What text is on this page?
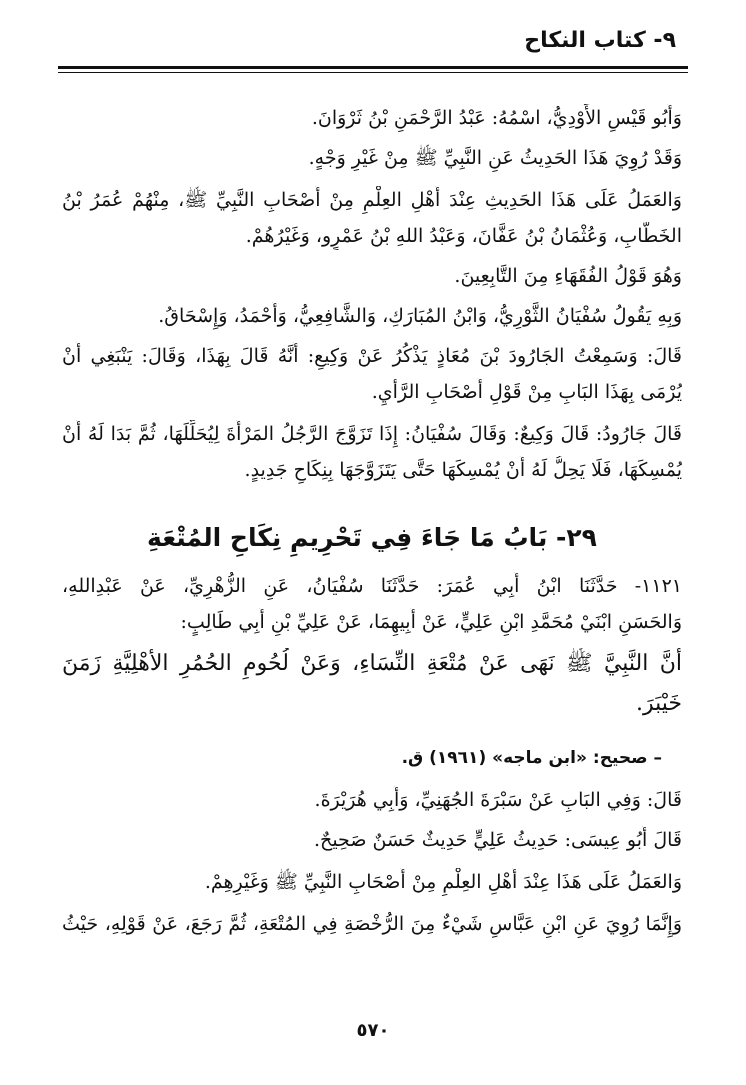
٩- كتاب النكاح
وَأَبُو قَيْسٍ الأَوْدِيُّ، اسْمُهُ: عَبْدُ الرَّحْمَنِ بْنُ ثَرْوَانَ.
وَقَدْ رُوِيَ هَذَا الحَدِيثُ عَنِ النَّبِيِّ ﷺ مِنْ غَيْرِ وَجْهٍ.
وَالعَمَلُ عَلَى هَذَا الحَدِيثِ عِنْدَ أَهْلِ العِلْمِ مِنْ أَصْحَابِ النَّبِيِّ ﷺ، مِنْهُمْ عُمَرُ بْنُ
الخَطَّابِ، وَعُثْمَانُ بْنُ عَفَّانَ، وَعَبْدُ اللهِ بْنُ عَمْرٍو، وَغَيْرُهُمْ.
وَهُوَ قَوْلُ الفُقَهَاءِ مِنَ التَّابِعِينَ.
وَبِهِ يَقُولُ سُفْيَانُ الثَّوْرِيُّ، وَابْنُ المُبَارَكِ، وَالشَّافِعِيُّ، وَأَحْمَدُ، وَإِسْحَاقُ.
قَالَ: وَسَمِعْتُ الجَارُودَ بْنَ مُعَاذٍ يَذْكُرُ عَنْ وَكِيعٍ: أَنَّهُ قَالَ بِهَذَا، وَقَالَ: يَنْبَغِي أَنْ
يُرْمَى بِهَذَا البَابِ مِنْ قَوْلِ أَصْحَابِ الرَّأْيِ.
قَالَ جَارُودُ: قَالَ وَكِيعٌ: وَقَالَ سُفْيَانُ: إِذَا تَزَوَّجَ الرَّجُلُ المَرْأَةَ لِيُحَلِّلَهَا، ثُمَّ بَدَا لَهُ أَنْ
يُمْسِكَهَا، فَلَا يَحِلُّ لَهُ أَنْ يُمْسِكَهَا حَتَّى يَتَزَوَّجَهَا بِنِكَاحٍ جَدِيدٍ.
٢٩- بَابُ مَا جَاءَ فِي تَحْرِيمِ نِكَاحِ المُتْعَةِ
١١٢١- حَدَّثَنَا ابْنُ أَبِي عُمَرَ: حَدَّثَنَا سُفْيَانُ، عَنِ الزُّهْرِيِّ، عَنْ عَبْدِاللهِ،
وَالحَسَنِ ابْنَيْ مُحَمَّدِ ابْنِ عَلِيٍّ، عَنْ أَبِيهِمَا، عَنْ عَلِيِّ بْنِ أَبِي طَالِبٍ:
أَنَّ النَّبِيَّ ﷺ نَهَى عَنْ مُتْعَةِ النِّسَاءِ، وَعَنْ لُحُومِ الحُمُرِ الأَهْلِيَّةِ زَمَنَ
خَيْبَرَ.
– صحيح: «ابن ماجه» (١٩٦١) ق.
قَالَ: وَفِي البَابِ عَنْ سَبْرَةَ الجُهَنِيِّ، وَأَبِي هُرَيْرَةَ.
قَالَ أَبُو عِيسَى: حَدِيثُ عَلِيٍّ حَدِيثٌ حَسَنٌ صَحِيحٌ.
وَالعَمَلُ عَلَى هَذَا عِنْدَ أَهْلِ العِلْمِ مِنْ أَصْحَابِ النَّبِيِّ ﷺ وَغَيْرِهِمْ.
وَإِنَّمَا رُوِيَ عَنِ ابْنِ عَبَّاسٍ شَيْءٌ مِنَ الرُّخْصَةِ فِي المُتْعَةِ، ثُمَّ رَجَعَ، عَنْ قَوْلِهِ، حَيْثُ
٥٧٠
